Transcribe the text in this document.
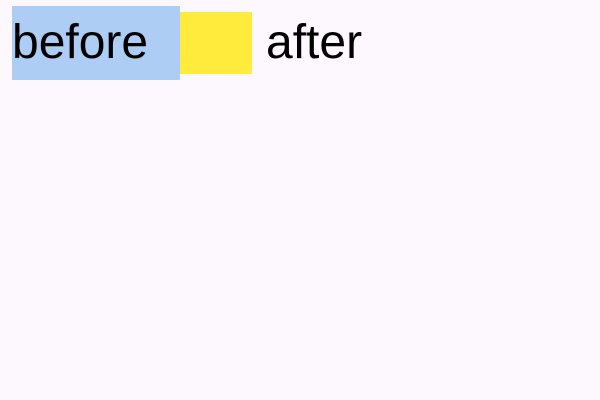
before	after
